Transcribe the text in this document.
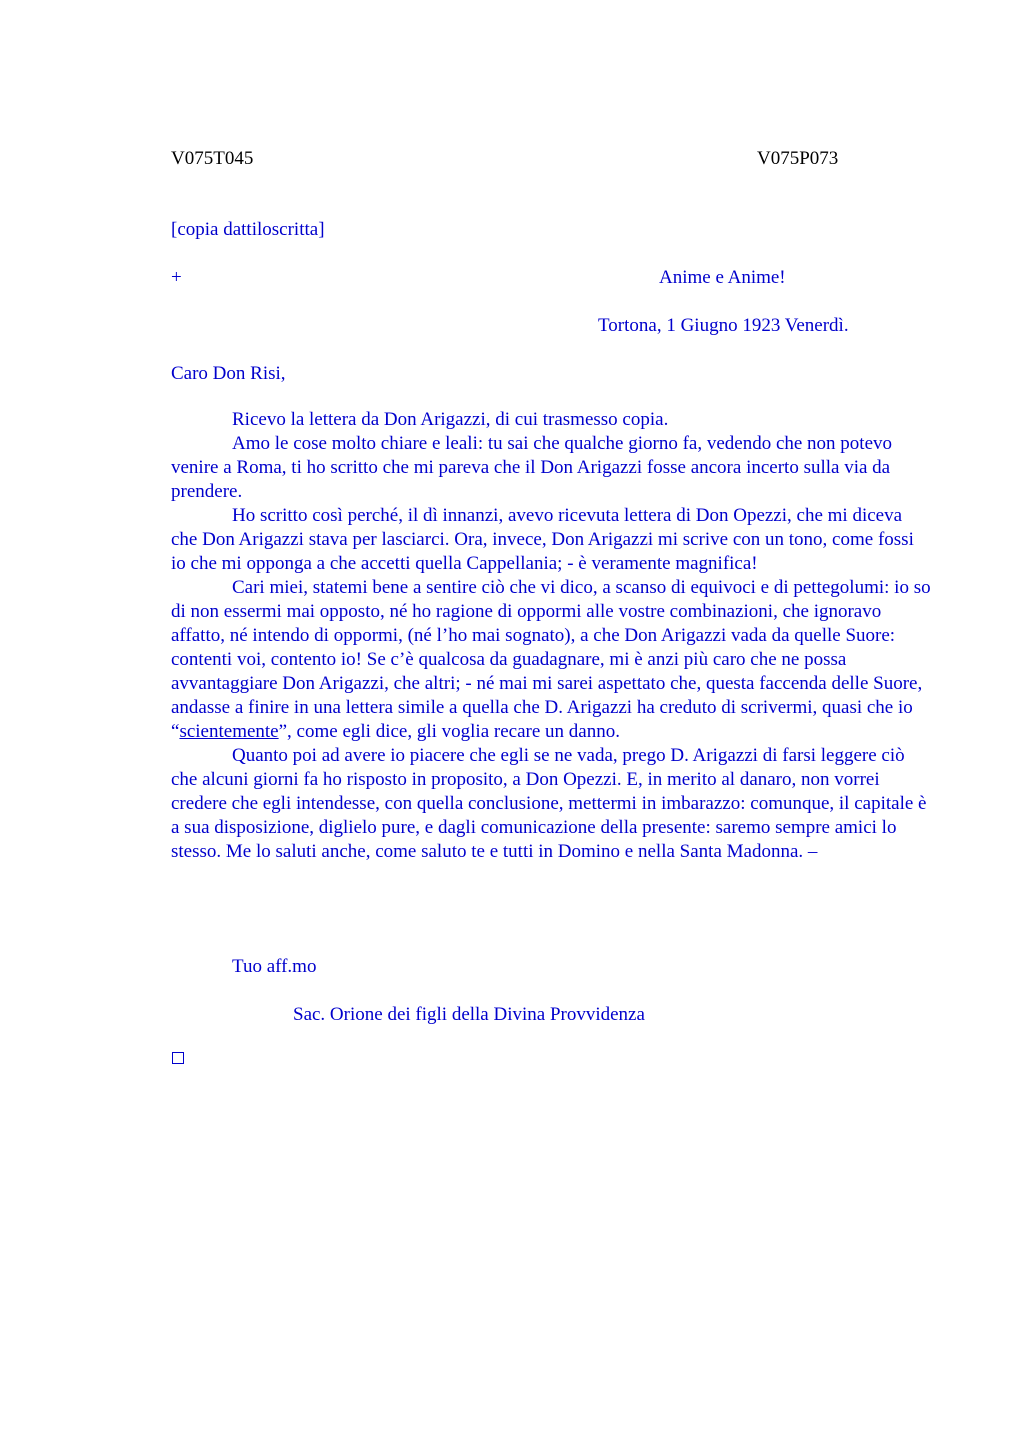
V075T045	V075P073
[copia dattiloscritta]
+	Anime e Anime!
Tortona, 1 Giugno 1923 Venerdì.
Caro Don Risi,

Ricevo la lettera da Don Arigazzi, di cui trasmesso copia.

Amo le cose molto chiare e leali: tu sai che qualche giorno fa, vedendo che non potevo venire a Roma, ti ho scritto che mi pareva che il Don Arigazzi fosse ancora incerto sulla via da prendere.

Ho scritto così perché, il dì innanzi, avevo ricevuta lettera di Don Opezzi, che mi diceva che Don Arigazzi stava per lasciarci. Ora, invece, Don Arigazzi mi scrive con un tono, come fossi io che mi opponga a che accetti quella Cappellania; - è veramente magnifica!

Cari miei, statemi bene a sentire ciò che vi dico, a scanso di equivoci e di pettegolumi: io so di non essermi mai opposto, né ho ragione di oppormi alle vostre combinazioni, che ignoravo affatto, né intendo di oppormi, (né l’ho mai sognato), a che Don Arigazzi vada da quelle Suore: contenti voi, contento io! Se c’è qualcosa da guadagnare, mi è anzi più caro che ne possa avvantaggiare Don Arigazzi, che altri; - né mai mi sarei aspettato che, questa faccenda delle Suore, andasse a finire in una lettera simile a quella che D. Arigazzi ha creduto di scrivermi, quasi che io “scientemente”, come egli dice, gli voglia recare un danno.

Quanto poi ad avere io piacere che egli se ne vada, prego D. Arigazzi di farsi leggere ciò che alcuni giorni fa ho risposto in proposito, a Don Opezzi. E, in merito al danaro, non vorrei credere che egli intendesse, con quella conclusione, mettermi in imbarazzo: comunque, il capitale è a sua disposizione, diglielo pure, e dagli comunicazione della presente: saremo sempre amici lo stesso. Me lo saluti anche, come saluto te e tutti in Domino e nella Santa Madonna. –

Tuo aff.mo
Sac. Orione dei figli della Divina Provvidenza
